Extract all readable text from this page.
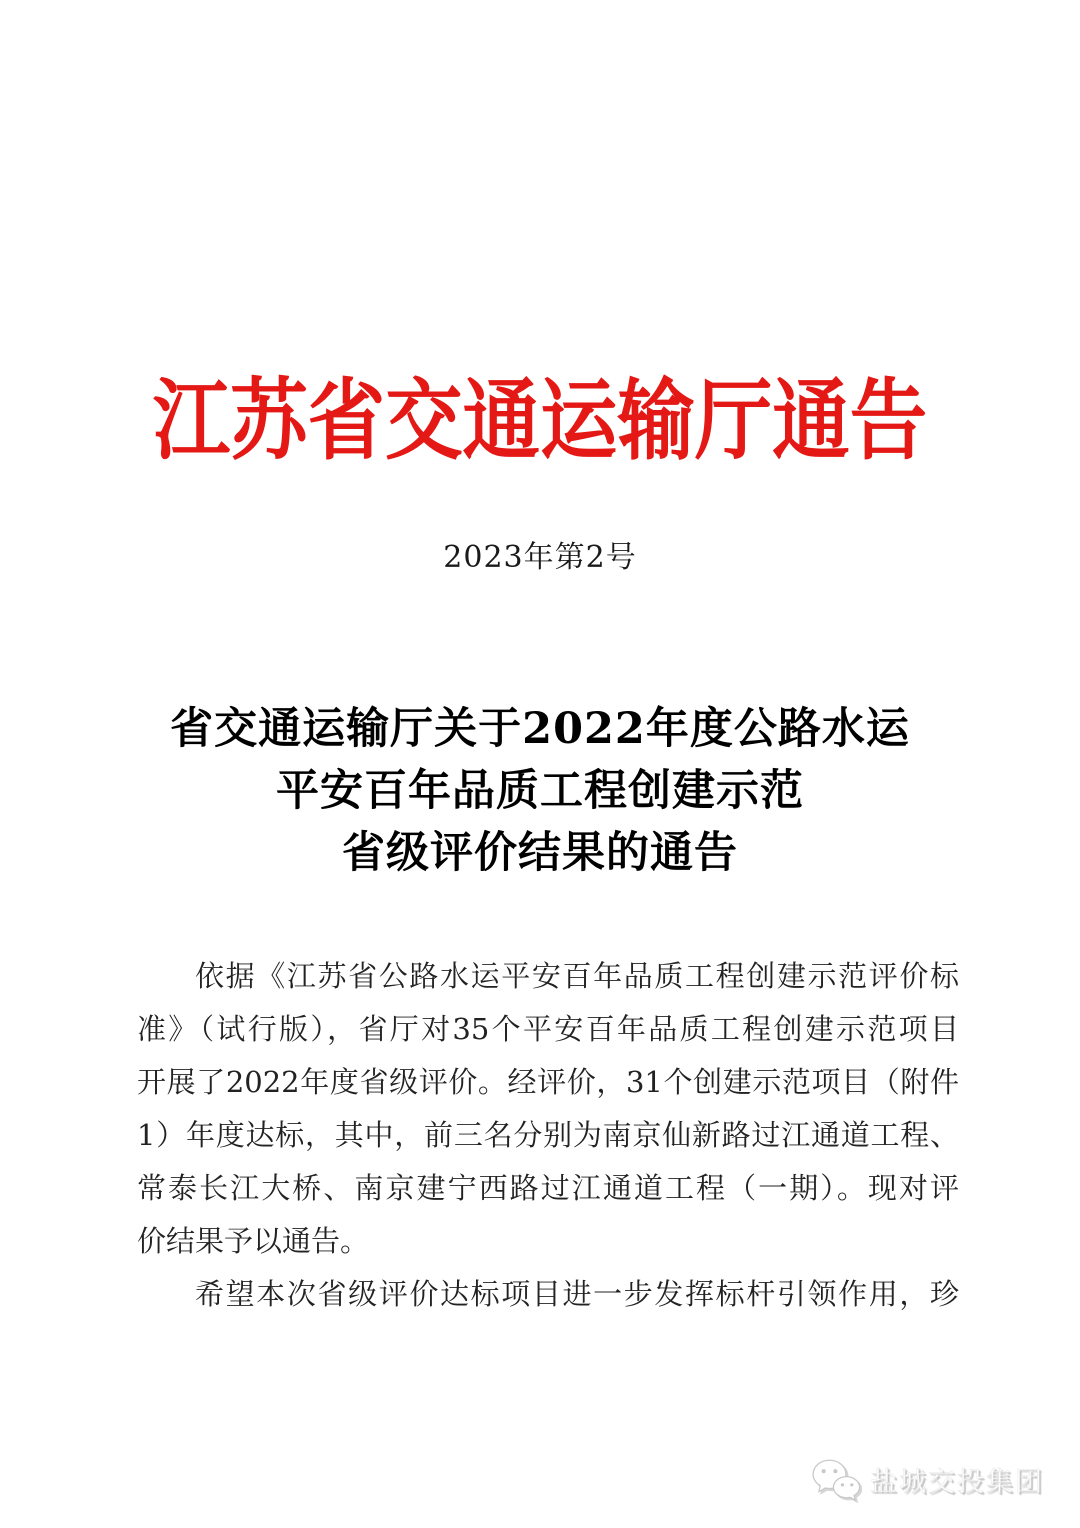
江苏省交通运输厅通告
2023年第2号
省交通运输厅关于2022年度公路水运
平安百年品质工程创建示范
省级评价结果的通告
依据《江苏省公路水运平安百年品质工程创建示范评价标
准》（试行版），省厅对35个平安百年品质工程创建示范项目
开展了2022年度省级评价。经评价，31个创建示范项目（附件
1）年度达标，其中，前三名分别为南京仙新路过江通道工程、
常泰长江大桥、南京建宁西路过江通道工程（一期）。现对评
价结果予以通告。
希望本次省级评价达标项目进一步发挥标杆引领作用，珍
盐城交投集团
